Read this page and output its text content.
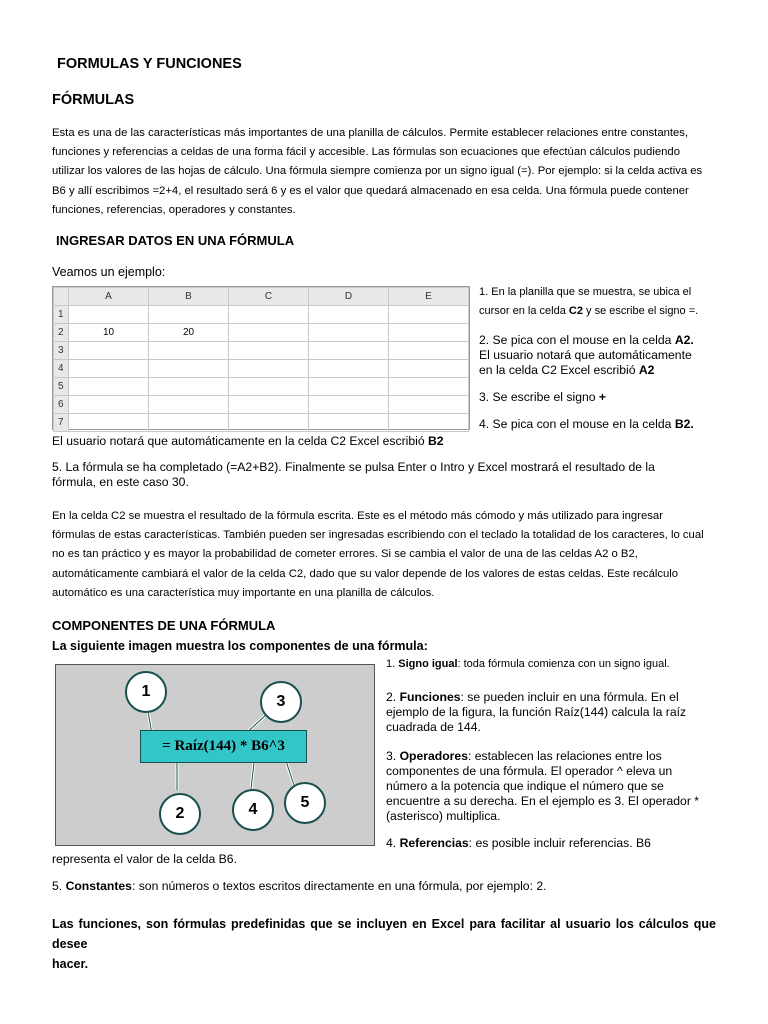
FORMULAS Y FUNCIONES
FÓRMULAS
Esta es una de las características más importantes de una planilla de cálculos. Permite establecer relaciones entre constantes,
funciones y referencias a celdas de una forma fácil y accesible. Las fórmulas son ecuaciones que efectúan cálculos pudiendo
utilizar los valores de las hojas de cálculo. Una fórmula siempre comienza por un signo igual (=). Por ejemplo: si la celda activa es
B6 y allí escribimos =2+4, el resultado será 6 y es el valor que quedará almacenado en esa celda. Una fórmula puede contener
funciones, referencias, operadores y constantes.
INGRESAR DATOS EN UNA FÓRMULA
Veamos un ejemplo:
	A	B	C	D	E
1					
2	10	20			
3					
4					
5					
6					
7					
1. En la planilla que se muestra, se ubica el
cursor en la celda C2 y se escribe el signo =.
2. Se pica con el mouse en la celda A2.
El usuario notará que automáticamente
en la celda C2 Excel escribió A2
3. Se escribe el signo +
4. Se pica con el mouse en la celda B2.
El usuario notará que automáticamente en la celda C2 Excel escribió B2
5. La fórmula se ha completado (=A2+B2). Finalmente se pulsa Enter o Intro y Excel mostrará el resultado de la
fórmula, en este caso 30.
En la celda C2 se muestra el resultado de la fórmula escrita. Este es el método más cómodo y más utilizado para ingresar
fórmulas de estas características. También pueden ser ingresadas escribiendo con el teclado la totalidad de los caracteres, lo cual
no es tan práctico y es mayor la probabilidad de cometer errores. Si se cambia el valor de una de las celdas A2 o B2,
automáticamente cambiará el valor de la celda C2, dado que su valor depende de los valores de estas celdas. Este recálculo
automático es una característica muy importante en una planilla de cálculos.
COMPONENTES DE UNA FÓRMULA
La siguiente imagen muestra los componentes de una fórmula:
1
3
= Raíz(144) * B6^3
2	4	5
1. Signo igual: toda fórmula comienza con un signo igual.
2. Funciones: se pueden incluir en una fórmula. En el
ejemplo de la figura, la función Raíz(144) calcula la raíz
cuadrada de 144.
3. Operadores: establecen las relaciones entre los
componentes de una fórmula. El operador ^ eleva un
número a la potencia que indique el número que se
encuentre a su derecha. En el ejemplo es 3. El operador *
(asterisco) multiplica.
4. Referencias: es posible incluir referencias. B6
representa el valor de la celda B6.
5. Constantes: son números o textos escritos directamente en una fórmula, por ejemplo: 2.
Las funciones, son fórmulas predefinidas que se incluyen en Excel para facilitar al usuario los cálculos que desee
hacer.
